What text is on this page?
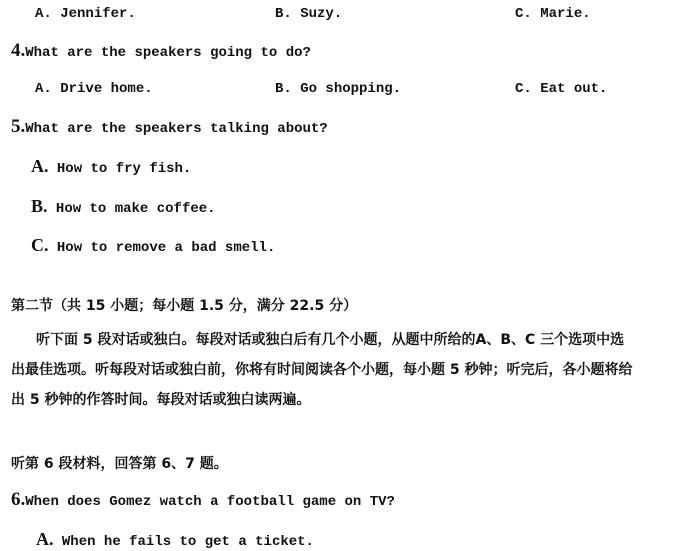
A. Jennifer.	B. Suzy.	C. Marie.
4.What are the speakers going to do?
A. Drive home.	B. Go shopping.	C. Eat out.
5.What are the speakers talking about?
A. How to fry fish.
B. How to make coffee.
C. How to remove a bad smell.
第二节（共 15 小题；每小题 1.5 分，满分 22.5 分）
听下面 5 段对话或独白。每段对话或独白后有几个小题，从题中所给的A、B、C 三个选项中选
出最佳选项。听每段对话或独白前，你将有时间阅读各个小题，每小题 5 秒钟；听完后，各小题将给
出 5 秒钟的作答时间。每段对话或独白读两遍。
听第 6 段材料，回答第 6、7 题。
6.When does Gomez watch a football game on TV?
A. When he fails to get a ticket.
